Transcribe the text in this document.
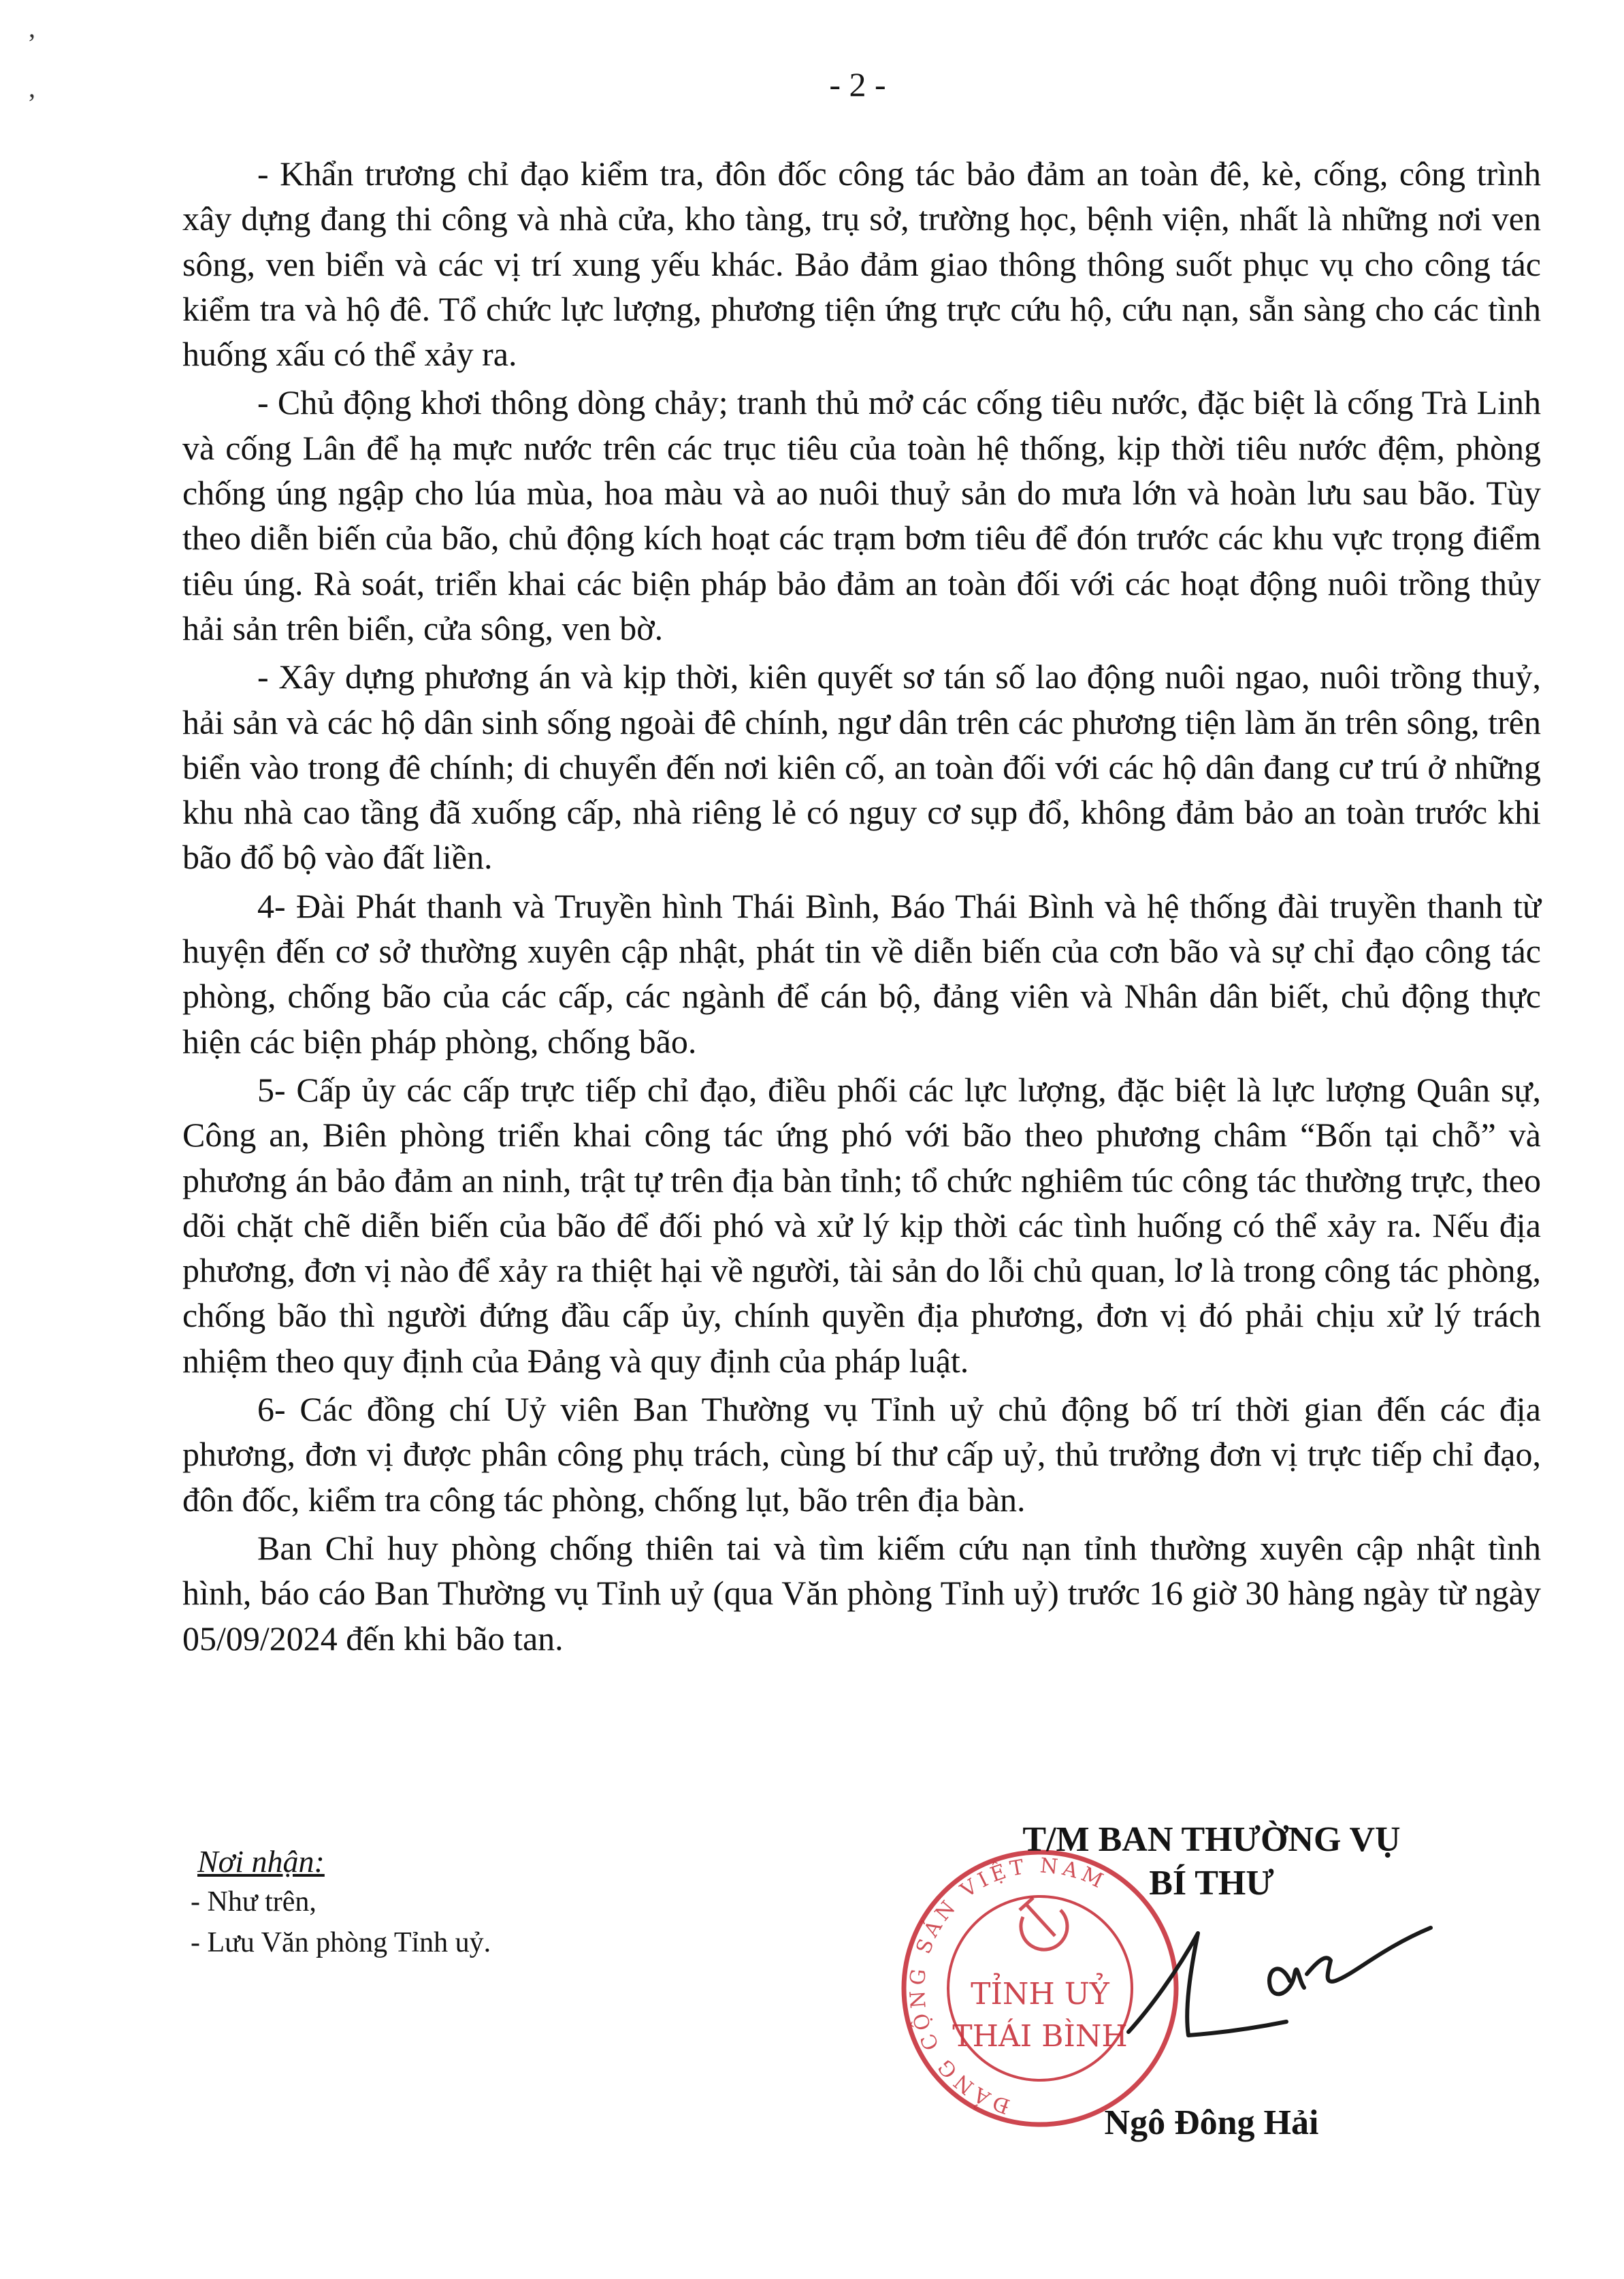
’
’	- 2 -

- Khẩn trương chỉ đạo kiểm tra, đôn đốc công tác bảo đảm an toàn đê, kè, cống, công trình xây dựng đang thi công và nhà cửa, kho tàng, trụ sở, trường học, bệnh viện, nhất là những nơi ven sông, ven biển và các vị trí xung yếu khác. Bảo đảm giao thông thông suốt phục vụ cho công tác kiểm tra và hộ đê. Tổ chức lực lượng, phương tiện ứng trực cứu hộ, cứu nạn, sẵn sàng cho các tình huống xấu có thể xảy ra.

- Chủ động khơi thông dòng chảy; tranh thủ mở các cống tiêu nước, đặc biệt là cống Trà Linh và cống Lân để hạ mực nước trên các trục tiêu của toàn hệ thống, kịp thời tiêu nước đệm, phòng chống úng ngập cho lúa mùa, hoa màu và ao nuôi thuỷ sản do mưa lớn và hoàn lưu sau bão. Tùy theo diễn biến của bão, chủ động kích hoạt các trạm bơm tiêu để đón trước các khu vực trọng điểm tiêu úng. Rà soát, triển khai các biện pháp bảo đảm an toàn đối với các hoạt động nuôi trồng thủy hải sản trên biển, cửa sông, ven bờ.

- Xây dựng phương án và kịp thời, kiên quyết sơ tán số lao động nuôi ngao, nuôi trồng thuỷ, hải sản và các hộ dân sinh sống ngoài đê chính, ngư dân trên các phương tiện làm ăn trên sông, trên biển vào trong đê chính; di chuyển đến nơi kiên cố, an toàn đối với các hộ dân đang cư trú ở những khu nhà cao tầng đã xuống cấp, nhà riêng lẻ có nguy cơ sụp đổ, không đảm bảo an toàn trước khi bão đổ bộ vào đất liền.

4- Đài Phát thanh và Truyền hình Thái Bình, Báo Thái Bình và hệ thống đài truyền thanh từ huyện đến cơ sở thường xuyên cập nhật, phát tin về diễn biến của cơn bão và sự chỉ đạo công tác phòng, chống bão của các cấp, các ngành để cán bộ, đảng viên và Nhân dân biết, chủ động thực hiện các biện pháp phòng, chống bão.

5- Cấp ủy các cấp trực tiếp chỉ đạo, điều phối các lực lượng, đặc biệt là lực lượng Quân sự, Công an, Biên phòng triển khai công tác ứng phó với bão theo phương châm “Bốn tại chỗ” và phương án bảo đảm an ninh, trật tự trên địa bàn tỉnh; tổ chức nghiêm túc công tác thường trực, theo dõi chặt chẽ diễn biến của bão để đối phó và xử lý kịp thời các tình huống có thể xảy ra. Nếu địa phương, đơn vị nào để xảy ra thiệt hại về người, tài sản do lỗi chủ quan, lơ là trong công tác phòng, chống bão thì người đứng đầu cấp ủy, chính quyền địa phương, đơn vị đó phải chịu xử lý trách nhiệm theo quy định của Đảng và quy định của pháp luật.

6- Các đồng chí Uỷ viên Ban Thường vụ Tỉnh uỷ chủ động bố trí thời gian đến các địa phương, đơn vị được phân công phụ trách, cùng bí thư cấp uỷ, thủ trưởng đơn vị trực tiếp chỉ đạo, đôn đốc, kiểm tra công tác phòng, chống lụt, bão trên địa bàn.

Ban Chỉ huy phòng chống thiên tai và tìm kiếm cứu nạn tỉnh thường xuyên cập nhật tình hình, báo cáo Ban Thường vụ Tỉnh uỷ (qua Văn phòng Tỉnh uỷ) trước 16 giờ 30 hàng ngày từ ngày 05/09/2024 đến khi bão tan.

Nơi nhận:
- Như trên,
- Lưu Văn phòng Tỉnh uỷ.
ĐẢNG CỘNG SẢN VIỆT NAM
TỈNH UỶ
THÁI BÌNH
T/M BAN THƯỜNG VỤ
BÍ THƯ
Ngô Đông Hải
